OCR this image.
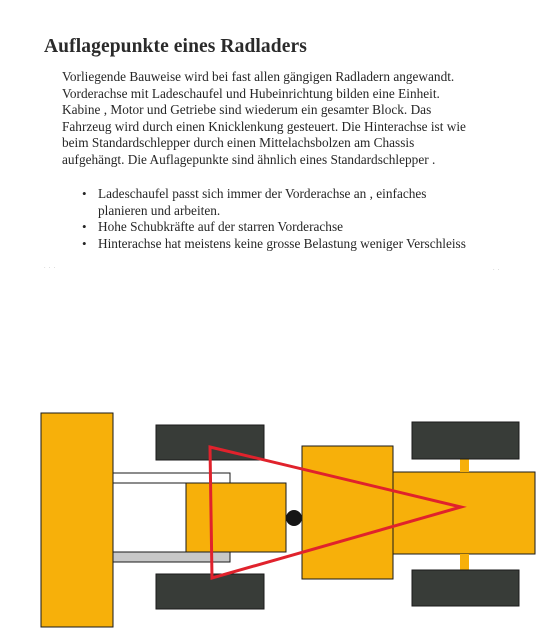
Auflagepunkte eines Radladers

Vorliegende Bauweise wird bei fast allen gängigen Radladern angewandt.
Vorderachse mit Ladeschaufel und Hubeinrichtung bilden eine Einheit.
Kabine , Motor und Getriebe sind wiederum ein gesamter Block. Das
Fahrzeug wird durch einen Knicklenkung gesteuert. Die Hinterachse ist wie
beim Standardschlepper durch einen Mittelachsbolzen am Chassis
aufgehängt. Die Auflagepunkte sind ähnlich eines Standardschlepper .

• Ladeschaufel passt sich immer der Vorderachse an , einfaches
planieren und arbeiten.
• Hohe Schubkräfte auf der starren Vorderachse
• Hinterachse hat meistens keine grosse Belastung weniger Verschleiss
· · ·	· ·
